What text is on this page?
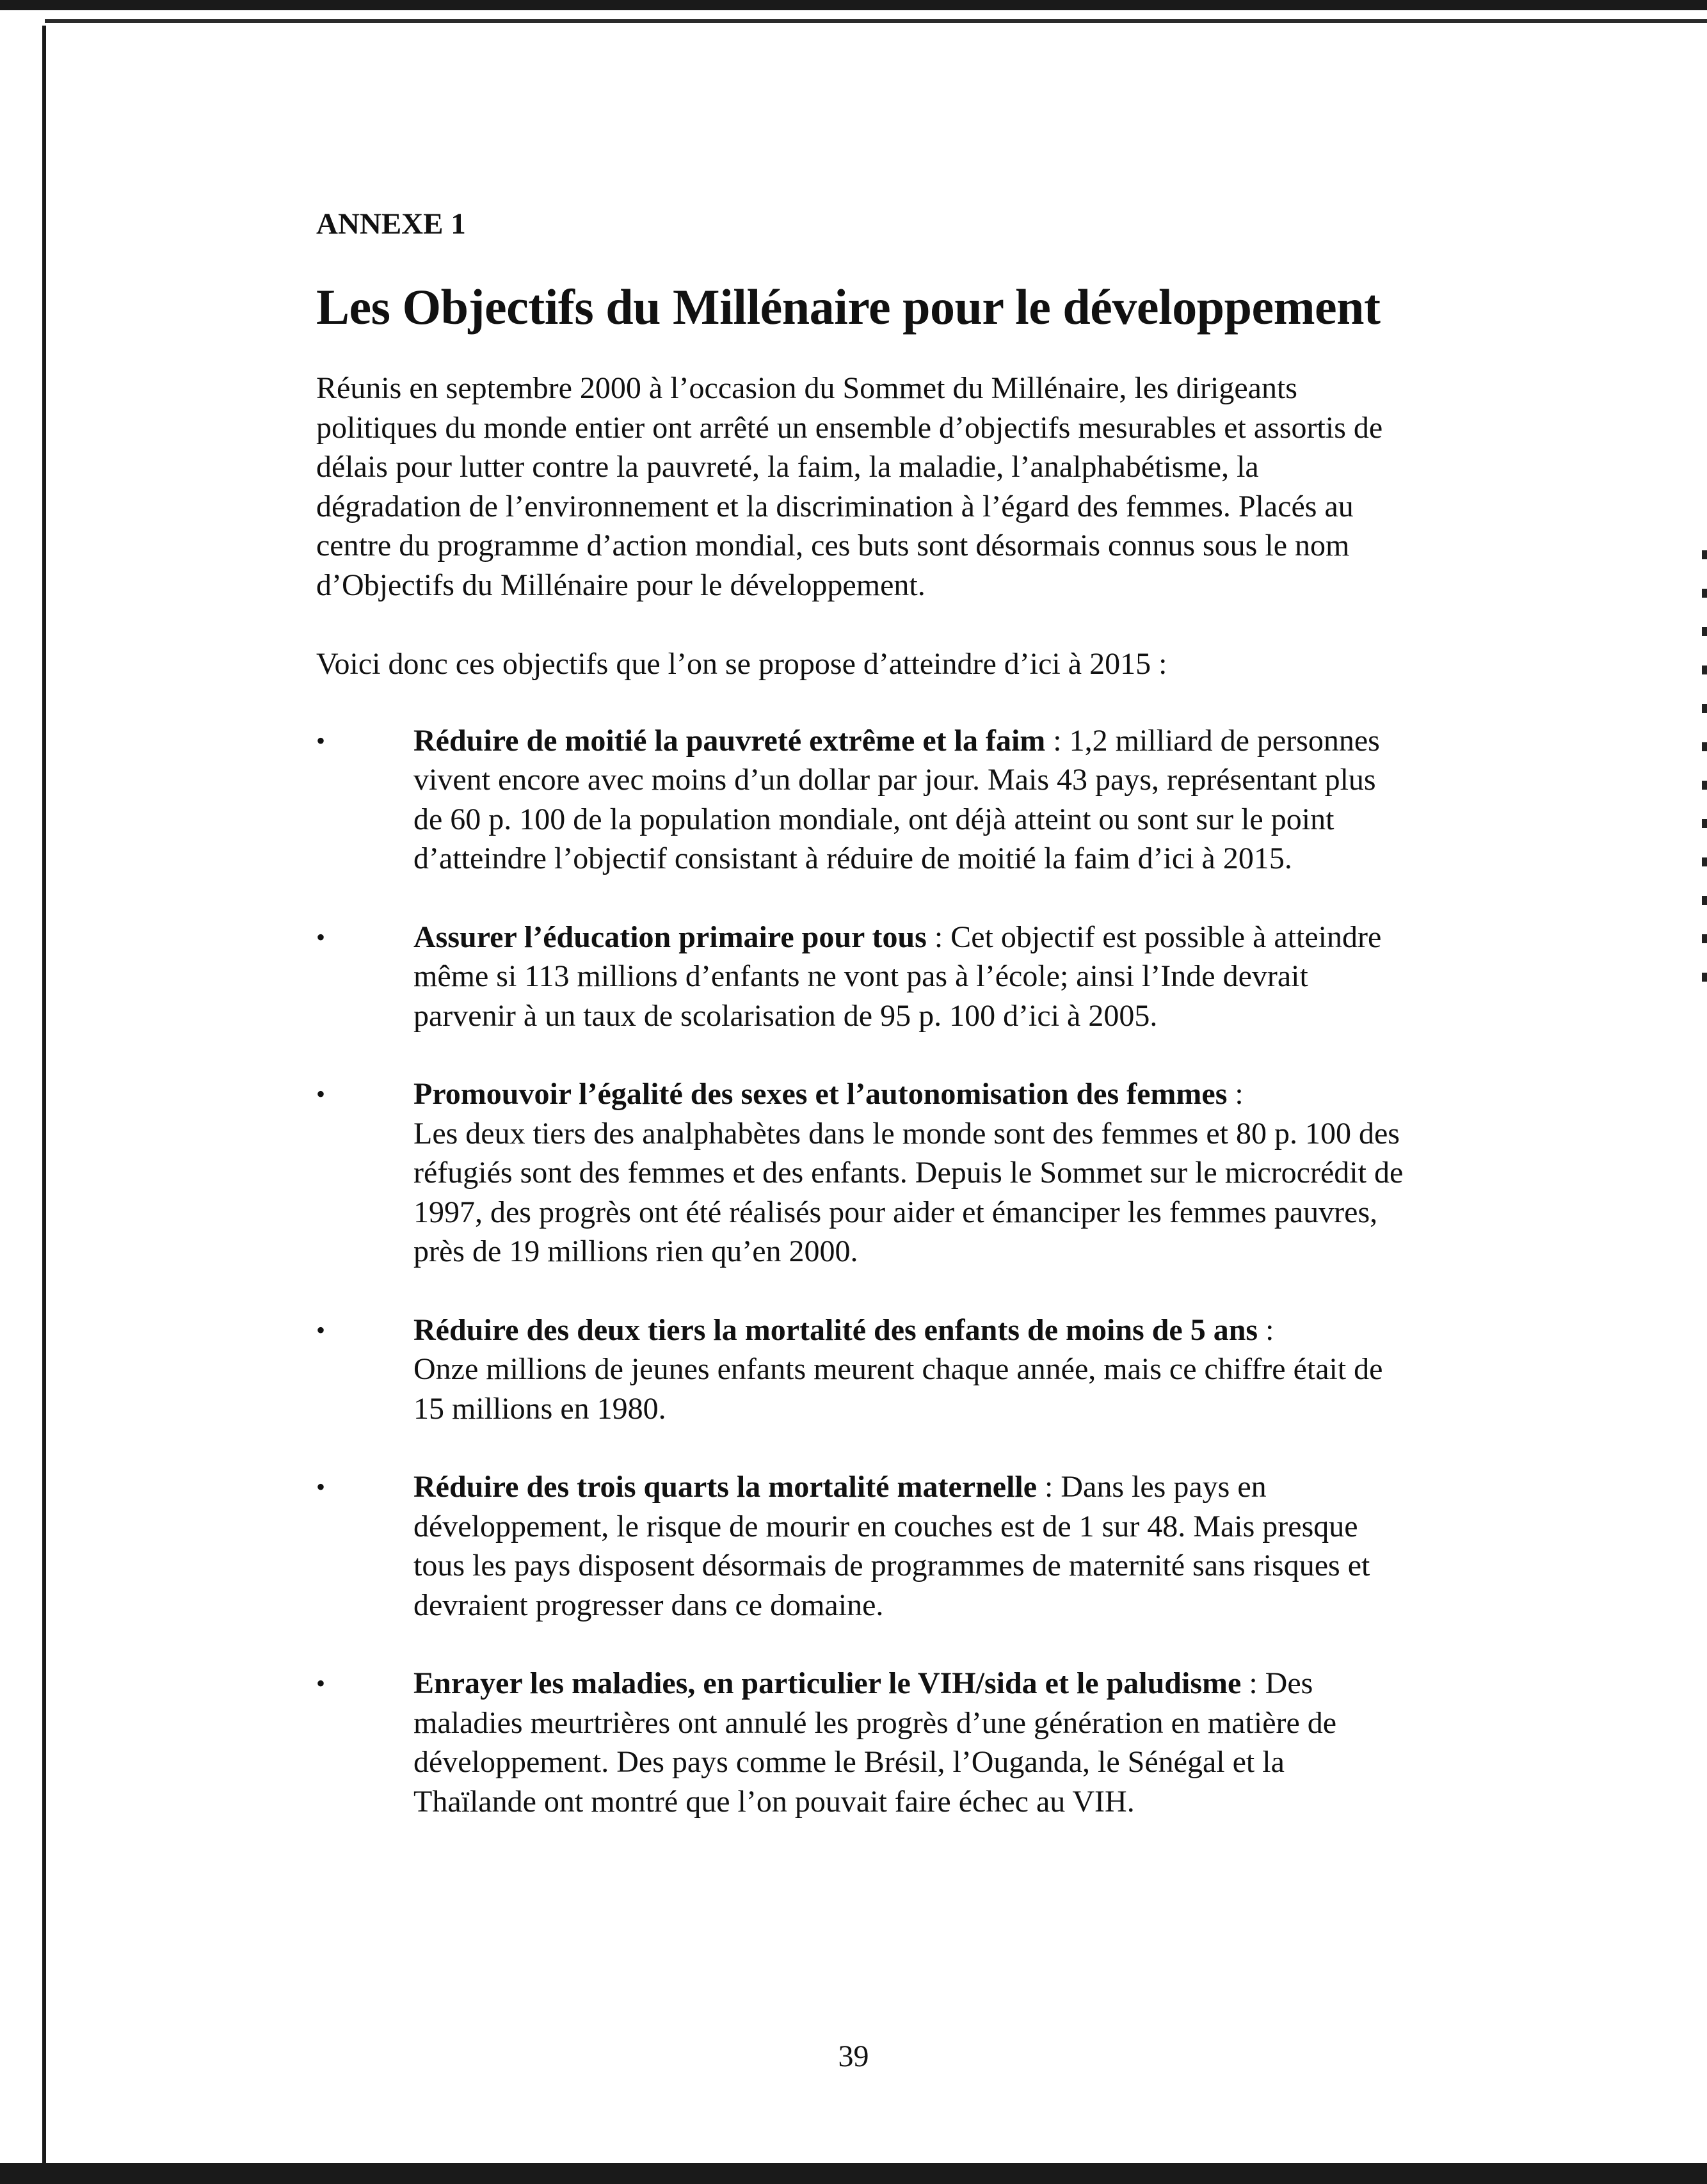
ANNEXE 1

Les Objectifs du Millénaire pour le développement

Réunis en septembre 2000 à l’occasion du Sommet du Millénaire, les dirigeants politiques du monde entier ont arrêté un ensemble d’objectifs mesurables et assortis de délais pour lutter contre la pauvreté, la faim, la maladie, l’analphabétisme, la dégradation de l’environnement et la discrimination à l’égard des femmes. Placés au centre du programme d’action mondial, ces buts sont désormais connus sous le nom d’Objectifs du Millénaire pour le développement.

Voici donc ces objectifs que l’on se propose d’atteindre d’ici à 2015 :

•	Réduire de moitié la pauvreté extrême et la faim : 1,2 milliard de personnes vivent encore avec moins d’un dollar par jour. Mais 43 pays, représentant plus de 60 p. 100 de la population mondiale, ont déjà atteint ou sont sur le point d’atteindre l’objectif consistant à réduire de moitié la faim d’ici à 2015.
•	Assurer l’éducation primaire pour tous : Cet objectif est possible à atteindre même si 113 millions d’enfants ne vont pas à l’école; ainsi l’Inde devrait parvenir à un taux de scolarisation de 95 p. 100 d’ici à 2005.
•	Promouvoir l’égalité des sexes et l’autonomisation des femmes :
Les deux tiers des analphabètes dans le monde sont des femmes et 80 p. 100 des réfugiés sont des femmes et des enfants. Depuis le Sommet sur le microcrédit de 1997, des progrès ont été réalisés pour aider et émanciper les femmes pauvres, près de 19 millions rien qu’en 2000.
•	Réduire des deux tiers la mortalité des enfants de moins de 5 ans :
Onze millions de jeunes enfants meurent chaque année, mais ce chiffre était de 15 millions en 1980.
•	Réduire des trois quarts la mortalité maternelle : Dans les pays en développement, le risque de mourir en couches est de 1 sur 48. Mais presque tous les pays disposent désormais de programmes de maternité sans risques et devraient progresser dans ce domaine.
•	Enrayer les maladies, en particulier le VIH/sida et le paludisme : Des maladies meurtrières ont annulé les progrès d’une génération en matière de développement. Des pays comme le Brésil, l’Ouganda, le Sénégal et la Thaïlande ont montré que l’on pouvait faire échec au VIH.
39
